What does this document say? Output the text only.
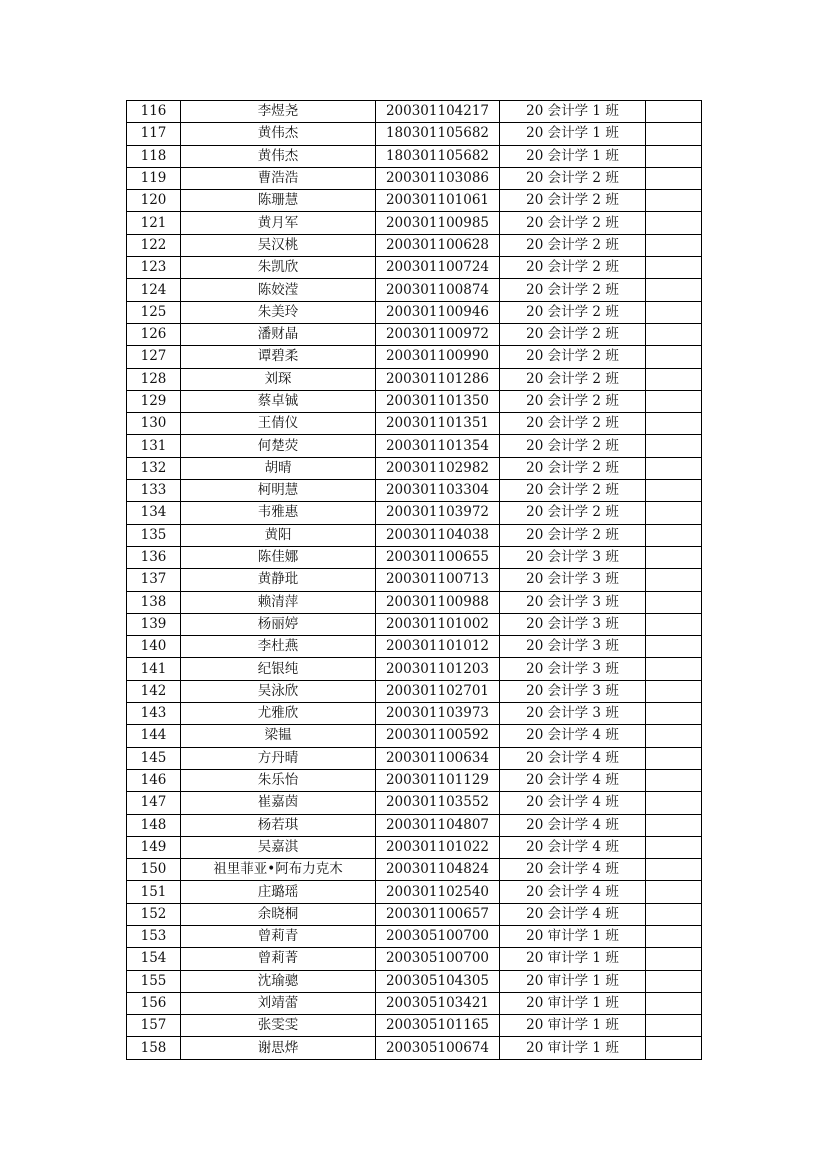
116	李煜尧	200301104217	20 会计学 1 班	
117	黄伟杰	180301105682	20 会计学 1 班	
118	黄伟杰	180301105682	20 会计学 1 班	
119	曹浩浩	200301103086	20 会计学 2 班	
120	陈珊慧	200301101061	20 会计学 2 班	
121	黄月军	200301100985	20 会计学 2 班	
122	吴汉桃	200301100628	20 会计学 2 班	
123	朱凯欣	200301100724	20 会计学 2 班	
124	陈姣滢	200301100874	20 会计学 2 班	
125	朱美玲	200301100946	20 会计学 2 班	
126	潘财晶	200301100972	20 会计学 2 班	
127	谭碧柔	200301100990	20 会计学 2 班	
128	刘琛	200301101286	20 会计学 2 班	
129	蔡卓铖	200301101350	20 会计学 2 班	
130	王倩仪	200301101351	20 会计学 2 班	
131	何楚荧	200301101354	20 会计学 2 班	
132	胡晴	200301102982	20 会计学 2 班	
133	柯明慧	200301103304	20 会计学 2 班	
134	韦雅惠	200301103972	20 会计学 2 班	
135	黄阳	200301104038	20 会计学 2 班	
136	陈佳娜	200301100655	20 会计学 3 班	
137	黄静玭	200301100713	20 会计学 3 班	
138	赖清萍	200301100988	20 会计学 3 班	
139	杨丽婷	200301101002	20 会计学 3 班	
140	李杜燕	200301101012	20 会计学 3 班	
141	纪银纯	200301101203	20 会计学 3 班	
142	吴泳欣	200301102701	20 会计学 3 班	
143	尤雅欣	200301103973	20 会计学 3 班	
144	梁韫	200301100592	20 会计学 4 班	
145	方丹晴	200301100634	20 会计学 4 班	
146	朱乐怡	200301101129	20 会计学 4 班	
147	崔嘉茵	200301103552	20 会计学 4 班	
148	杨若琪	200301104807	20 会计学 4 班	
149	吴嘉淇	200301101022	20 会计学 4 班	
150	祖里菲亚•阿布力克木	200301104824	20 会计学 4 班	
151	庄璐瑶	200301102540	20 会计学 4 班	
152	余晓桐	200301100657	20 会计学 4 班	
153	曾莉青	200305100700	20 审计学 1 班	
154	曾莉菁	200305100700	20 审计学 1 班	
155	沈瑜骢	200305104305	20 审计学 1 班	
156	刘靖蕾	200305103421	20 审计学 1 班	
157	张雯雯	200305101165	20 审计学 1 班	
158	谢思烨	200305100674	20 审计学 1 班	
